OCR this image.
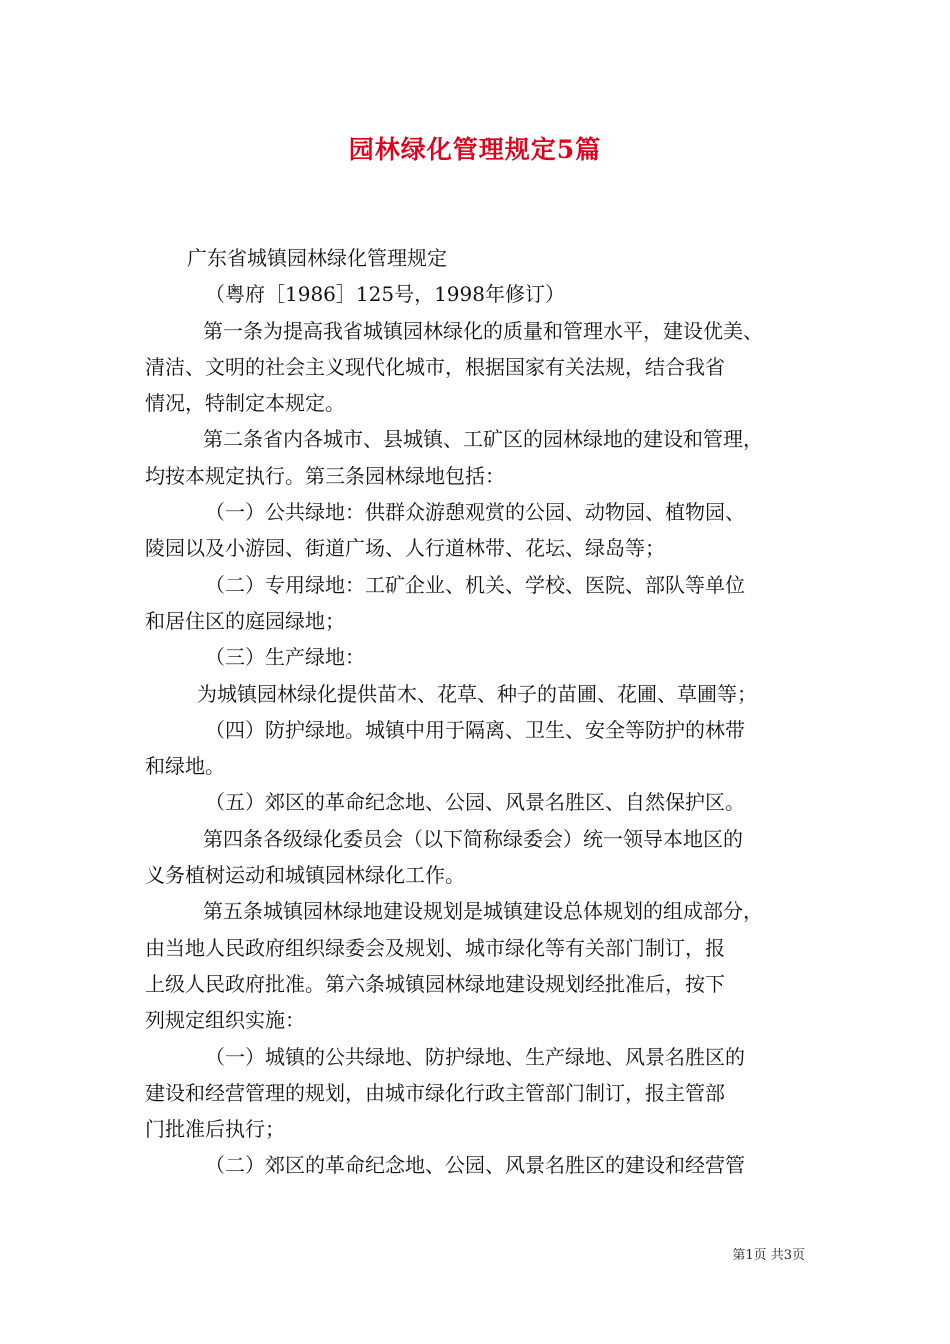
园林绿化管理规定5篇
广东省城镇园林绿化管理规定
（粤府［1986］125号，1998年修订）
第一条为提高我省城镇园林绿化的质量和管理水平，建设优美、
清洁、文明的社会主义现代化城市，根据国家有关法规，结合我省
情况，特制定本规定。
第二条省内各城市、县城镇、工矿区的园林绿地的建设和管理，
均按本规定执行。第三条园林绿地包括：
（一）公共绿地：供群众游憩观赏的公园、动物园、植物园、
陵园以及小游园、街道广场、人行道林带、花坛、绿岛等；
（二）专用绿地：工矿企业、机关、学校、医院、部队等单位
和居住区的庭园绿地；
（三）生产绿地：
为城镇园林绿化提供苗木、花草、种子的苗圃、花圃、草圃等；
（四）防护绿地。城镇中用于隔离、卫生、安全等防护的林带
和绿地。
（五）郊区的革命纪念地、公园、风景名胜区、自然保护区。
第四条各级绿化委员会（以下简称绿委会）统一领导本地区的
义务植树运动和城镇园林绿化工作。
第五条城镇园林绿地建设规划是城镇建设总体规划的组成部分，
由当地人民政府组织绿委会及规划、城市绿化等有关部门制订，报
上级人民政府批准。第六条城镇园林绿地建设规划经批准后，按下
列规定组织实施：
（一）城镇的公共绿地、防护绿地、生产绿地、风景名胜区的
建设和经营管理的规划，由城市绿化行政主管部门制订，报主管部
门批准后执行；
（二）郊区的革命纪念地、公园、风景名胜区的建设和经营管
第1页 共3页
